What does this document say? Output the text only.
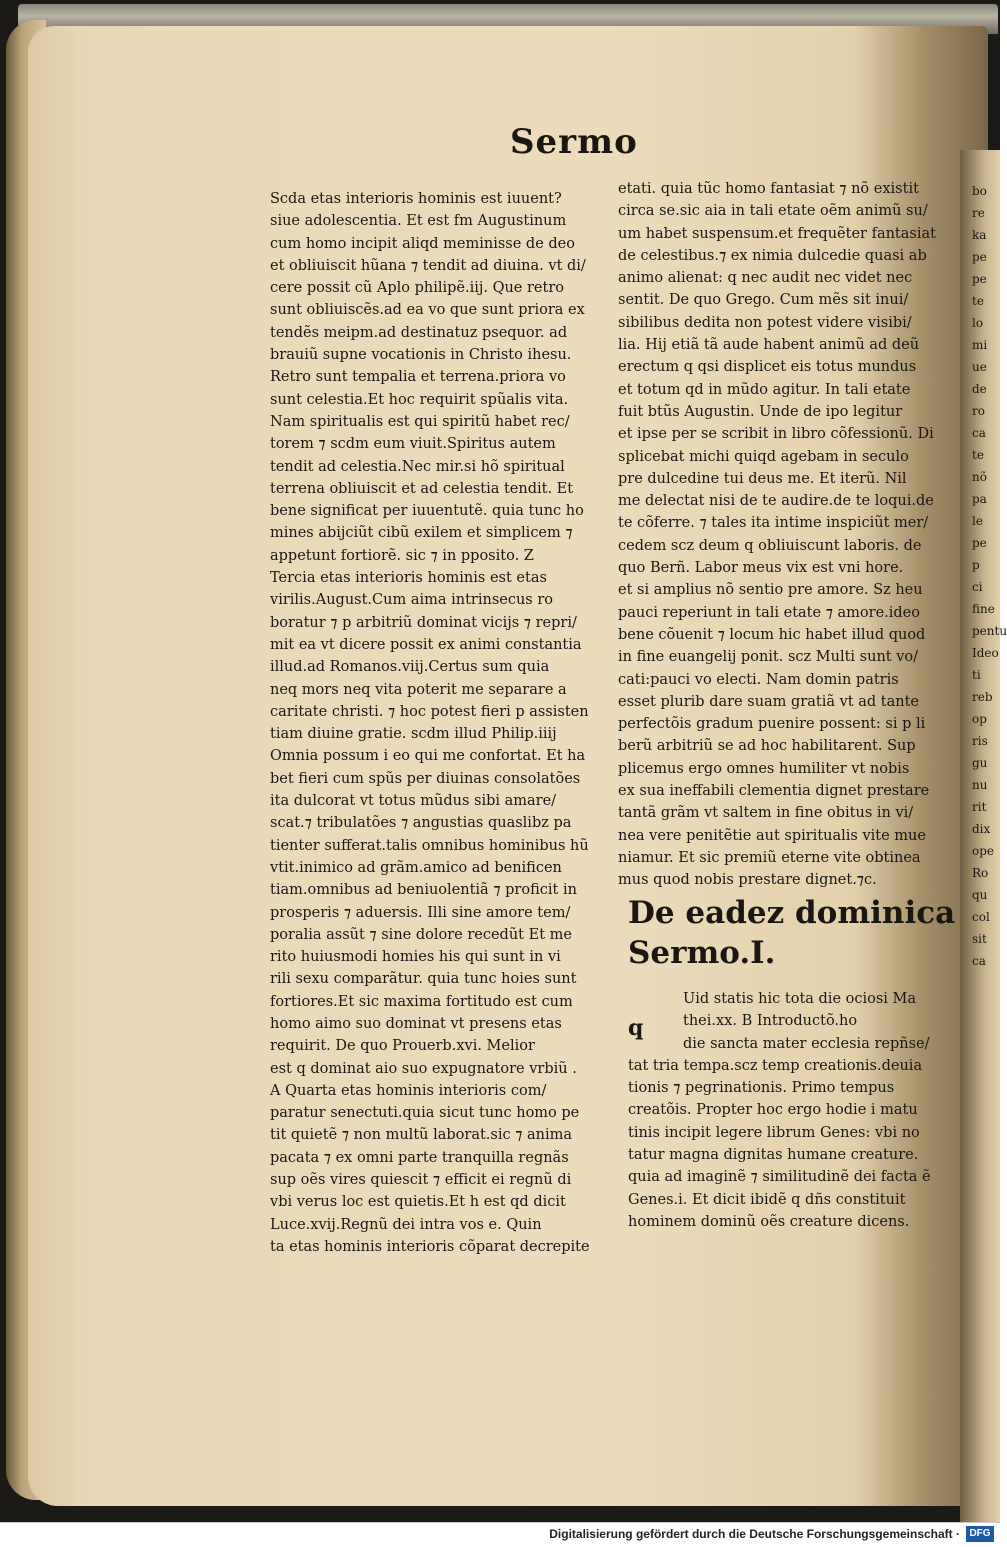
Sermo
Scda etas interioris hominis est iuuent?
siue adolescentia. Et est fm Augustinum
cum homo incipit aliqd meminisse de deo
et obliuiscit hũana ⁊ tendit ad diuina. vt di/
cere possit cũ Aplo philipẽ.iij. Que retro
sunt obliuiscẽs.ad ea vo que sunt priora ex
tendẽs meipm.ad destinatuz psequor. ad
brauiũ supne vocationis in Christo ihesu.
Retro sunt tempalia et terrena.priora vo
sunt celestia.Et hoc requirit spũalis vita.
Nam spiritualis est qui spiritũ habet rec/
torem ⁊ scdm eum viuit.Spiritus autem
tendit ad celestia.Nec mir.si hõ spiritual
terrena obliuiscit et ad celestia tendit. Et
bene significat per iuuentutẽ. quia tunc ho
mines abijciũt cibũ exilem et simplicem ⁊
appetunt fortiorẽ. sic ⁊ in pposito. Z
Tercia etas interioris hominis est etas
virilis.August.Cum aima intrinsecus ro
boratur ⁊ p arbitriũ dominat vicijs ⁊ repri/
mit ea vt dicere possit ex animi constantia
illud.ad Romanos.viij.Certus sum quia
neq mors neq vita poterit me separare a
caritate christi. ⁊ hoc potest fieri p assisten
tiam diuine gratie. scdm illud Philip.iiij
Omnia possum i eo qui me confortat. Et ha
bet fieri cum spũs per diuinas consolatões
ita dulcorat vt totus mũdus sibi amare/
scat.⁊ tribulatões ⁊ angustias quaslibz pa
tienter sufferat.talis omnibus hominibus hũ
vtit.inimico ad grãm.amico ad benificen
tiam.omnibus ad beniuolentiã ⁊ proficit in
prosperis ⁊ aduersis. Illi sine amore tem/
poralia assũt ⁊ sine dolore recedũt Et me
rito huiusmodi homies his qui sunt in vi
rili sexu comparãtur. quia tunc hoies sunt
fortiores.Et sic maxima fortitudo est cum
homo aimo suo dominat vt presens etas
requirit. De quo Prouerb.xvi. Melior
est q dominat aio suo expugnatore vrbiũ .
A Quarta etas hominis interioris com/
paratur senectuti.quia sicut tunc homo pe
tit quietẽ ⁊ non multũ laborat.sic ⁊ anima
pacata ⁊ ex omni parte tranquilla regnãs
sup oẽs vires quiescit ⁊ efficit ei regnũ di
vbi verus loc est quietis.Et h est qd dicit
Luce.xvij.Regnũ dei intra vos e. Quin
ta etas hominis interioris cõparat decrepite
etati. quia tũc homo fantasiat ⁊ nõ existit
circa se.sic aia in tali etate oẽm animũ su/
um habet suspensum.et frequẽter fantasiat
de celestibus.⁊ ex nimia dulcedie quasi ab
animo alienat: q nec audit nec videt nec
sentit. De quo Grego. Cum mẽs sit inui/
sibilibus dedita non potest videre visibi/
lia. Hij etiã tã aude habent animũ ad deũ
erectum q qsi displicet eis totus mundus
et totum qd in mũdo agitur. In tali etate
fuit btũs Augustin. Unde de ipo legitur
et ipse per se scribit in libro cõfessionũ. Di
splicebat michi quiqd agebam in seculo
pre dulcedine tui deus me. Et iterũ. Nil
me delectat nisi de te audire.de te loqui.de
te cõferre. ⁊ tales ita intime inspiciũt mer/
cedem scz deum q obliuiscunt laboris. de
quo Berñ. Labor meus vix est vni hore.
et si amplius nõ sentio pre amore. Sz heu
pauci reperiunt in tali etate ⁊ amore.ideo
bene cõuenit ⁊ locum hic habet illud quod
in fine euangelij ponit. scz Multi sunt vo/
cati:pauci vo electi. Nam domin patris
esset plurib dare suam gratiã vt ad tante
perfectõis gradum puenire possent: si p li
berũ arbitriũ se ad hoc habilitarent. Sup
plicemus ergo omnes humiliter vt nobis
ex sua ineffabili clementia dignet prestare
tantã grãm vt saltem in fine obitus in vi/
nea vere penitẽtie aut spiritualis vite mue
niamur. Et sic premiũ eterne vite obtinea
mus quod nobis prestare dignet.⁊c.
De eadez dominica
Sermo.I.
q
Uid statis hic tota die ociosi Ma
thei.xx. B Introductõ.ho
die sancta mater ecclesia repñse/
tat tria tempa.scz temp creationis.deuia
tionis ⁊ pegrinationis. Primo tempus
creatõis. Propter hoc ergo hodie i matu
tinis incipit legere librum Genes: vbi no
tatur magna dignitas humane creature.
quia ad imaginẽ ⁊ similitudinẽ dei facta ẽ
Genes.i. Et dicit ibidẽ q dñs constituit
hominem dominũ oẽs creature dicens.
bo
re
ka
pe
pe
te
lo
mi
ue
de
ro
ca
te
nõ
pa
le
pe
p
ci
fine
pentu
Ideo
ti
reb
op
ris
gu
nu
rit
dix
ope
Ro
qu
col
sit
ca
Digitalisierung gefördert durch die Deutsche Forschungsgemeinschaft · DFG
